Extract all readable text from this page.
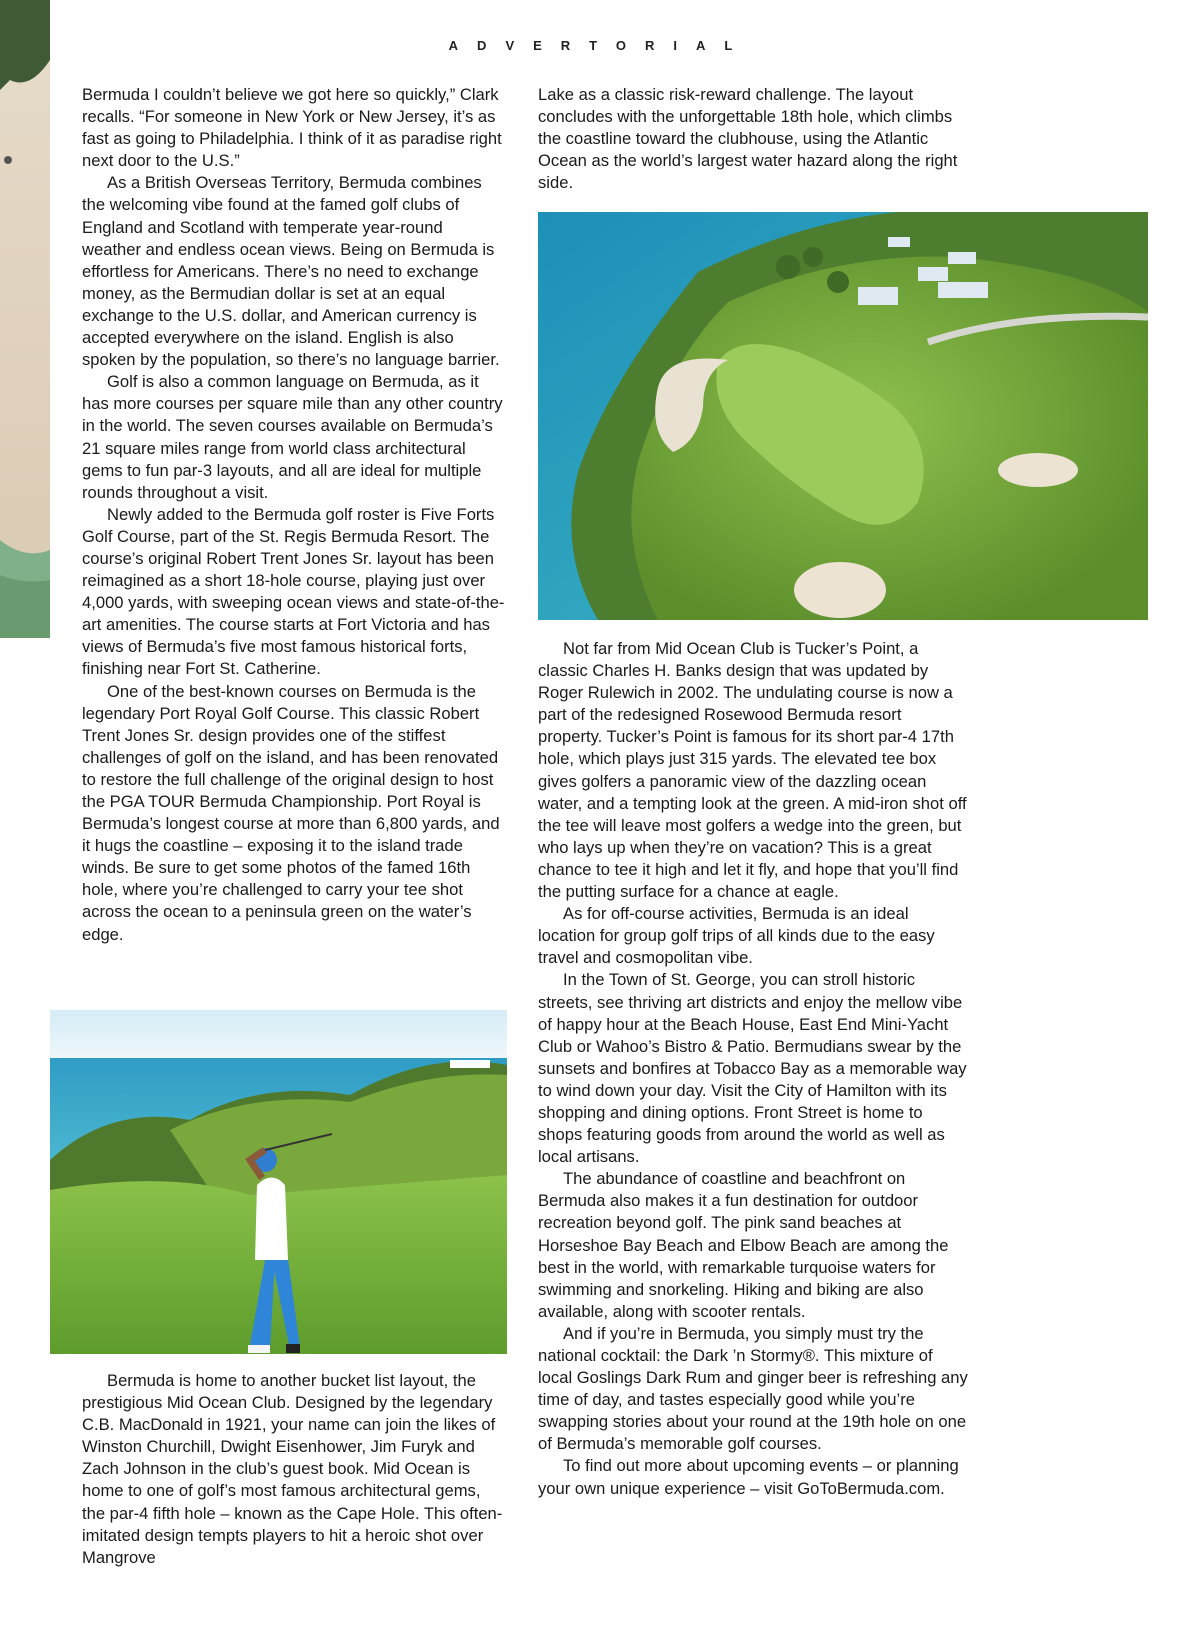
ADVERTORIAL

Bermuda I couldn’t believe we got here so quickly,” Clark recalls. “For someone in New York or New Jersey, it’s as fast as going to Philadelphia. I think of it as paradise right next door to the U.S.”

As a British Overseas Territory, Bermuda combines the welcoming vibe found at the famed golf clubs of England and Scotland with temperate year-round weather and endless ocean views. Being on Bermuda is effortless for Americans. There’s no need to exchange money, as the Bermudian dollar is set at an equal exchange to the U.S. dollar, and American currency is accepted everywhere on the island. English is also spoken by the population, so there’s no language barrier.

Golf is also a common language on Bermuda, as it has more courses per square mile than any other country in the world. The seven courses available on Bermuda’s 21 square miles range from world class architectural gems to fun par-3 layouts, and all are ideal for multiple rounds throughout a visit.

Newly added to the Bermuda golf roster is Five Forts Golf Course, part of the St. Regis Bermuda Resort. The course’s original Robert Trent Jones Sr. layout has been reimagined as a short 18-hole course, playing just over 4,000 yards, with sweeping ocean views and state-of-the-art amenities. The course starts at Fort Victoria and has views of Bermuda’s five most famous historical forts, finishing near Fort St. Catherine.

One of the best-known courses on Bermuda is the legendary Port Royal Golf Course. This classic Robert Trent Jones Sr. design provides one of the stiffest challenges of golf on the island, and has been renovated to restore the full challenge of the original design to host the PGA TOUR Bermuda Championship. Port Royal is Bermuda’s longest course at more than 6,800 yards, and it hugs the coastline – exposing it to the island trade winds. Be sure to get some photos of the famed 16th hole, where you’re challenged to carry your tee shot across the ocean to a peninsula green on the water’s edge.

Bermuda is home to another bucket list layout, the prestigious Mid Ocean Club. Designed by the legendary C.B. MacDonald in 1921, your name can join the likes of Winston Churchill, Dwight Eisenhower, Jim Furyk and Zach Johnson in the club’s guest book. Mid Ocean is home to one of golf’s most famous architectural gems, the par-4 fifth hole – known as the Cape Hole. This often-imitated design tempts players to hit a heroic shot over Mangrove

Lake as a classic risk-reward challenge. The layout concludes with the unforgettable 18th hole, which climbs the coastline toward the clubhouse, using the Atlantic Ocean as the world’s largest water hazard along the right side.

Not far from Mid Ocean Club is Tucker’s Point, a classic Charles H. Banks design that was updated by Roger Rulewich in 2002. The undulating course is now a part of the redesigned Rosewood Bermuda resort property. Tucker’s Point is famous for its short par-4 17th hole, which plays just 315 yards. The elevated tee box gives golfers a panoramic view of the dazzling ocean water, and a tempting look at the green. A mid-iron shot off the tee will leave most golfers a wedge into the green, but who lays up when they’re on vacation? This is a great chance to tee it high and let it fly, and hope that you’ll find the putting surface for a chance at eagle.

As for off-course activities, Bermuda is an ideal location for group golf trips of all kinds due to the easy travel and cosmopolitan vibe.

In the Town of St. George, you can stroll historic streets, see thriving art districts and enjoy the mellow vibe of happy hour at the Beach House, East End Mini-Yacht Club or Wahoo’s Bistro & Patio. Bermudians swear by the sunsets and bonfires at Tobacco Bay as a memorable way to wind down your day. Visit the City of Hamilton with its shopping and dining options. Front Street is home to shops featuring goods from around the world as well as local artisans.

The abundance of coastline and beachfront on Bermuda also makes it a fun destination for outdoor recreation beyond golf. The pink sand beaches at Horseshoe Bay Beach and Elbow Beach are among the best in the world, with remarkable turquoise waters for swimming and snorkeling. Hiking and biking are also available, along with scooter rentals.

And if you’re in Bermuda, you simply must try the national cocktail: the Dark ’n Stormy®. This mixture of local Goslings Dark Rum and ginger beer is refreshing any time of day, and tastes especially good while you’re swapping stories about your round at the 19th hole on one of Bermuda’s memorable golf courses.

To find out more about upcoming events – or planning your own unique experience – visit GoToBermuda.com.
